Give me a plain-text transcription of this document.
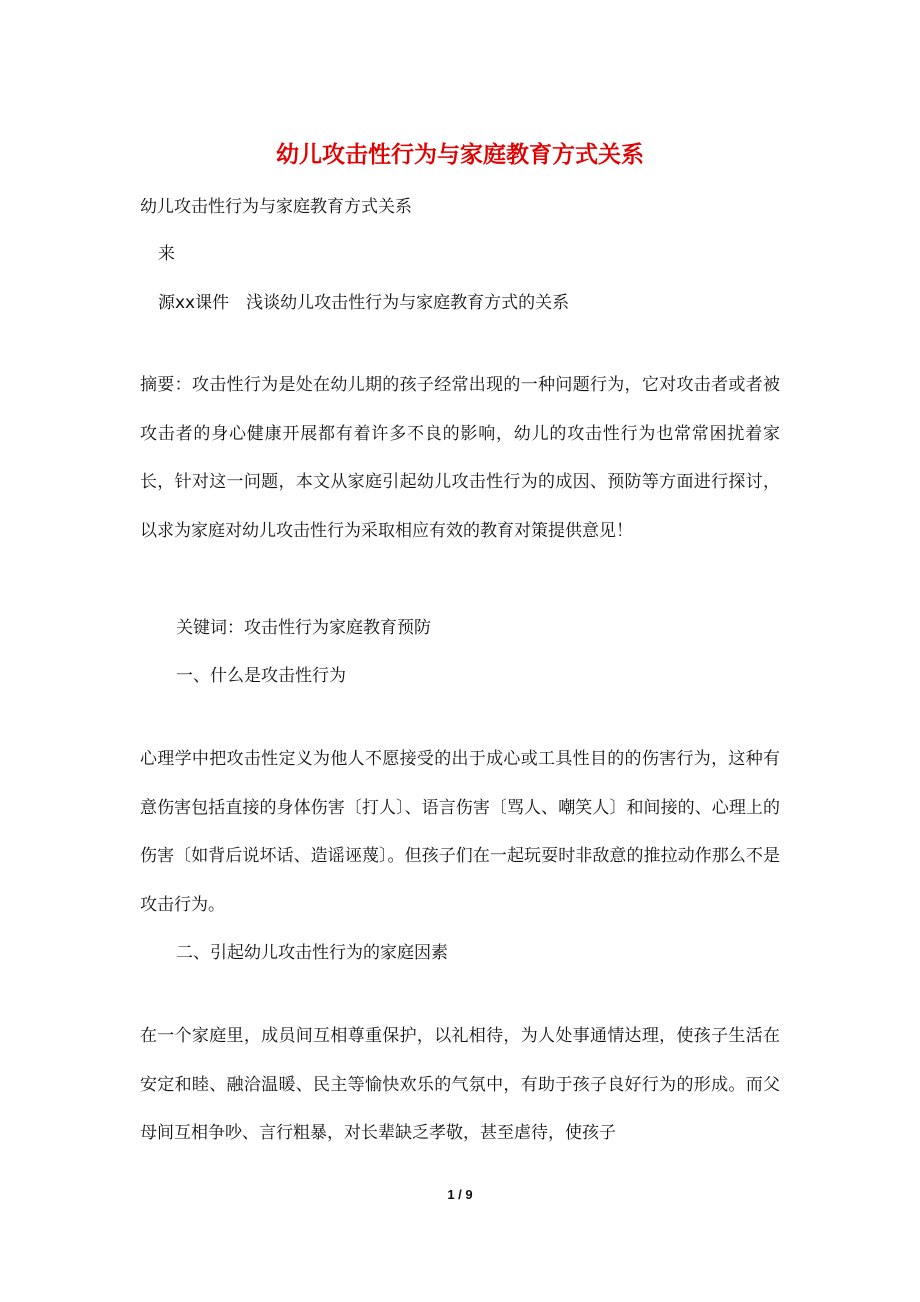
幼儿攻击性行为与家庭教育方式关系
幼儿攻击性行为与家庭教育方式关系
来
源xx课件　浅谈幼儿攻击性行为与家庭教育方式的关系
摘要：攻击性行为是处在幼儿期的孩子经常出现的一种问题行为，它对攻击者或者被攻击者的身心健康开展都有着许多不良的影响，幼儿的攻击性行为也常常困扰着家长，针对这一问题，本文从家庭引起幼儿攻击性行为的成因、预防等方面进行探讨，以求为家庭对幼儿攻击性行为采取相应有效的教育对策提供意见！
关键词：攻击性行为家庭教育预防
一、什么是攻击性行为
心理学中把攻击性定义为他人不愿接受的出于成心或工具性目的的伤害行为，这种有意伤害包括直接的身体伤害〔打人〕、语言伤害〔骂人、嘲笑人〕和间接的、心理上的伤害〔如背后说坏话、造谣诬蔑〕。但孩子们在一起玩耍时非敌意的推拉动作那么不是攻击行为。
二、引起幼儿攻击性行为的家庭因素
在一个家庭里，成员间互相尊重保护，以礼相待，为人处事通情达理，使孩子生活在安定和睦、融洽温暖、民主等愉快欢乐的气氛中，有助于孩子良好行为的形成。而父母间互相争吵、言行粗暴，对长辈缺乏孝敬，甚至虐待，使孩子
1 / 9
